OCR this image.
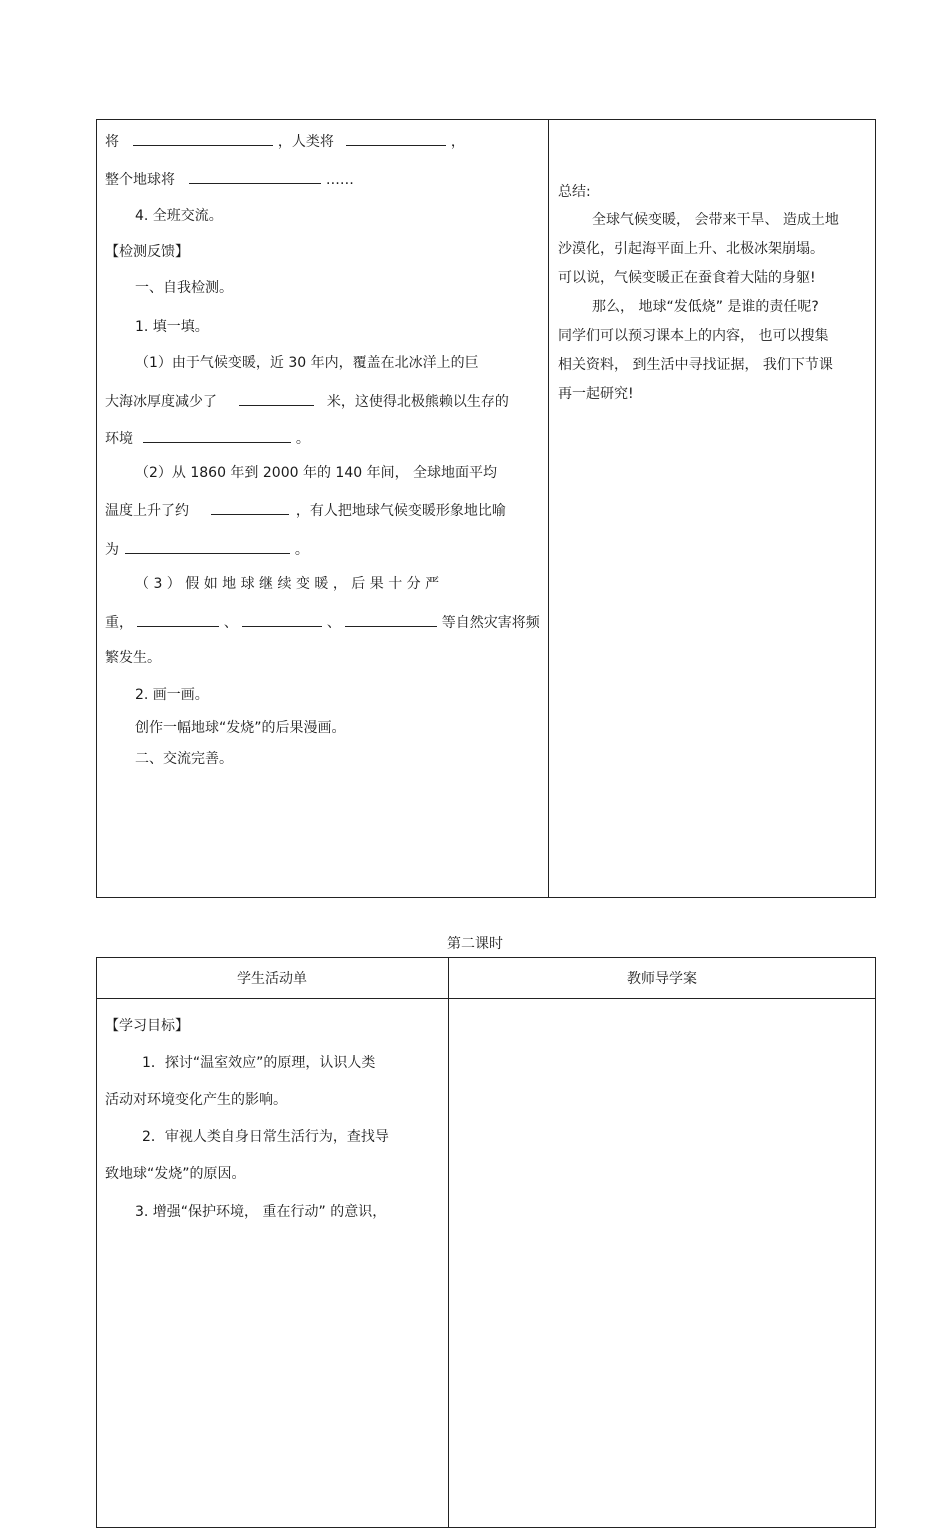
将	，人类将	，
整个地球将	……
4. 全班交流。
【检测反馈】
一、自我检测。
1. 填一填。
（1）由于气候变暖，近 30 年内，覆盖在北冰洋上的巨
大海冰厚度减少了	米，这使得北极熊赖以生存的
环境	。
（2）从 1860 年到 2000 年的 140 年间， 全球地面平均
温度上升了约	，有人把地球气候变暖形象地比喻
为	。
（ 3 ） 假 如 地 球 继 续 变 暖 ， 后 果 十 分 严
重，	、	、	等自然灾害将频
繁发生。
2. 画一画。
创作一幅地球“发烧”的后果漫画。
二、交流完善。
总结:
全球气候变暖， 会带来干旱、 造成土地
沙漠化，引起海平面上升、北极冰架崩塌。
可以说，气候变暖正在蚕食着大陆的身躯!
那么， 地球“发低烧” 是谁的责任呢?
同学们可以预习课本上的内容， 也可以搜集
相关资料， 到生活中寻找证据， 我们下节课
再一起研究!
第二课时
学生活动单	教师导学案
【学习目标】
1．探讨“温室效应”的原理，认识人类
活动对环境变化产生的影响。
2．审视人类自身日常生活行为，查找导
致地球“发烧”的原因。
3. 增强“保护环境， 重在行动” 的意识，
